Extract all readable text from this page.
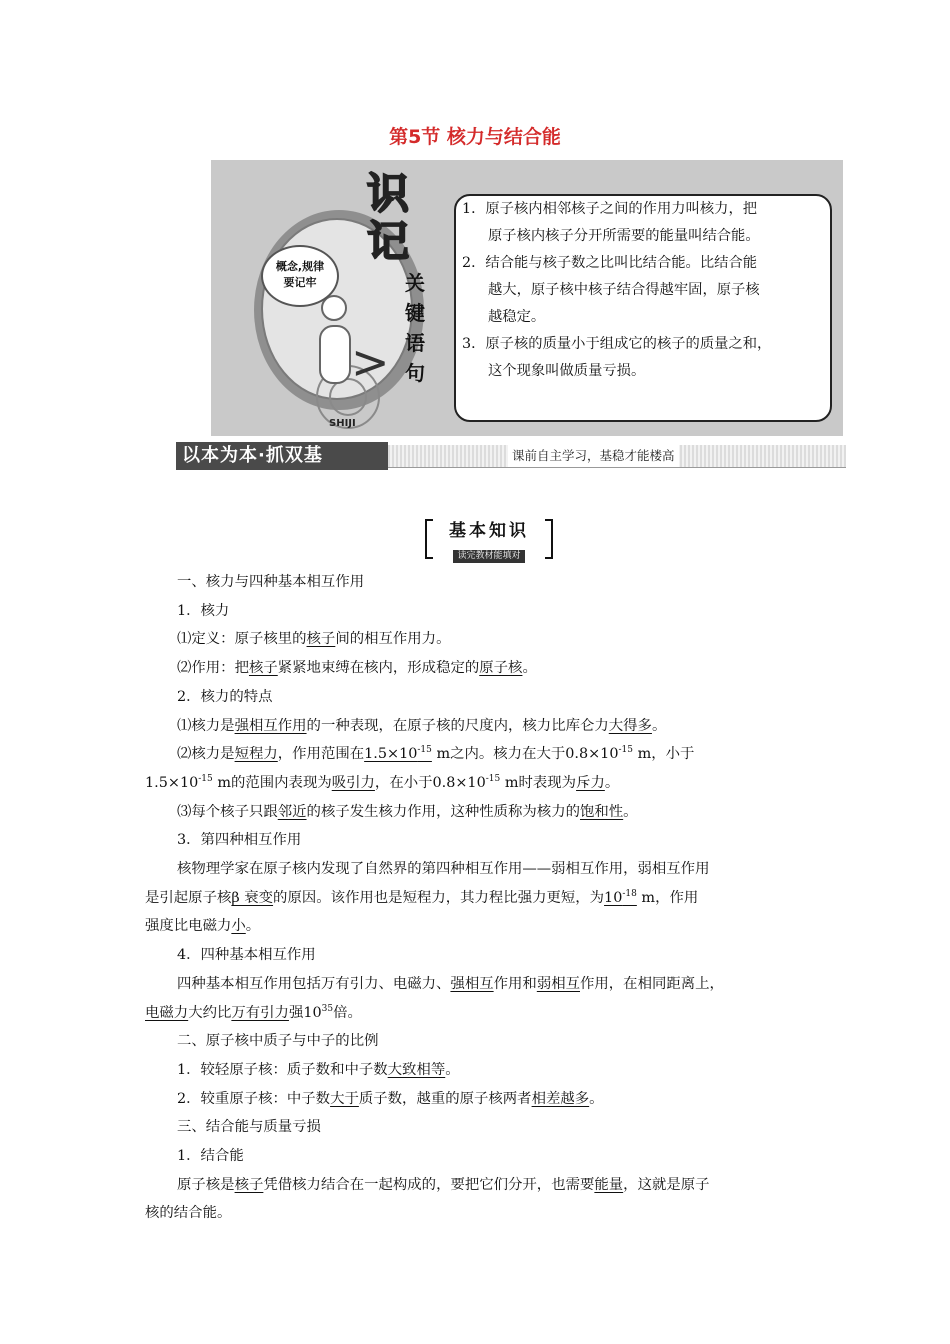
第5节 核力与结合能
概念,规律
要记牢
>
SHIJI
识
记
关
键
语
句

1．原子核内相邻核子之间的作用力叫核力，把

原子核内核子分开所需要的能量叫结合能。

2．结合能与核子数之比叫比结合能。比结合能

越大，原子核中核子结合得越牢固，原子核

越稳定。

3．原子核的质量小于组成它的核子的质量之和，

这个现象叫做质量亏损。

以本为本·抓双基	课前自主学习，基稳才能楼高
基本知识
读完教材能填对

一、核力与四种基本相互作用

1．核力

⑴定义：原子核里的核子间的相互作用力。

⑵作用：把核子紧紧地束缚在核内，形成稳定的原子核。

2．核力的特点

⑴核力是强相互作用的一种表现，在原子核的尺度内，核力比库仑力大得多。

⑵核力是短程力，作用范围在$1.5\times 10^{-15}$ m之内。核力在大于$0.8\times 10^{-15}$ m，小于

$1.5\times 10^{-15}$ m的范围内表现为吸引力，在小于$0.8\times 10^{-15}$ m时表现为斥力。

⑶每个核子只跟邻近的核子发生核力作用，这种性质称为核力的饱和性。

3．第四种相互作用

核物理学家在原子核内发现了自然界的第四种相互作用——弱相互作用，弱相互作用

是引起原子核β 衰变的原因。该作用也是短程力，其力程比强力更短，为$10^{-18}$ m，作用

强度比电磁力小。

4．四种基本相互作用

四种基本相互作用包括万有引力、电磁力、强相互作用和弱相互作用，在相同距离上，

电磁力大约比万有引力强$10^{35}$倍。

二、原子核中质子与中子的比例

1．较轻原子核：质子数和中子数大致相等。

2．较重原子核：中子数大于质子数，越重的原子核两者相差越多。

三、结合能与质量亏损

1．结合能

原子核是核子凭借核力结合在一起构成的，要把它们分开，也需要能量，这就是原子

核的结合能。
